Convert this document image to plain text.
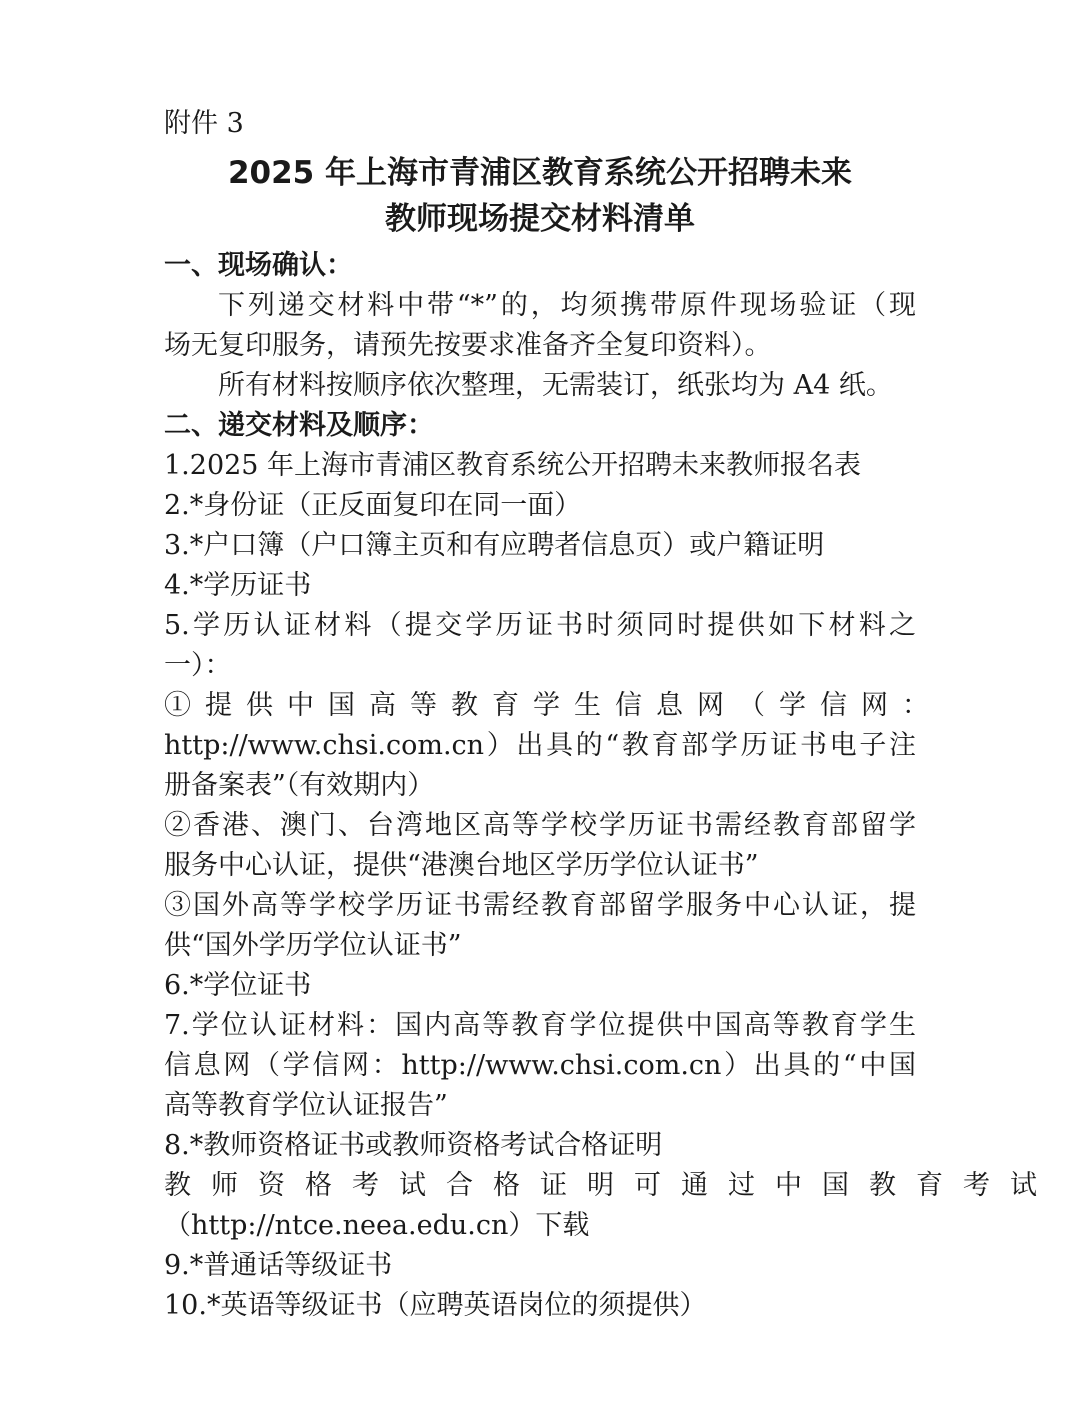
附件 3
2025 年上海市青浦区教育系统公开招聘未来
教师现场提交材料清单
一、现场确认：
下列递交材料中带“*”的，均须携带原件现场验证（现
场无复印服务，请预先按要求准备齐全复印资料）。
所有材料按顺序依次整理，无需装订，纸张均为 A4 纸。
二、递交材料及顺序：
1.2025 年上海市青浦区教育系统公开招聘未来教师报名表
2.*身份证（正反面复印在同一面）
3.*户口簿（户口簿主页和有应聘者信息页）或户籍证明
4.*学历证书
5.学历认证材料（提交学历证书时须同时提供如下材料之
一）：
①提供中国高等教育学生信息网（学信网：
http://www.chsi.com.cn）出具的“教育部学历证书电子注
册备案表”（有效期内）
②香港、澳门、台湾地区高等学校学历证书需经教育部留学
服务中心认证，提供“港澳台地区学历学位认证书”
③国外高等学校学历证书需经教育部留学服务中心认证，提
供“国外学历学位认证书”
6.*学位证书
7.学位认证材料：国内高等教育学位提供中国高等教育学生
信息网（学信网：http://www.chsi.com.cn）出具的“中国
高等教育学位认证报告”
8.*教师资格证书或教师资格考试合格证明
教师资格考试合格证明可通过中国教育考试
（http://ntce.neea.edu.cn）下载
9.*普通话等级证书
10.*英语等级证书（应聘英语岗位的须提供）
